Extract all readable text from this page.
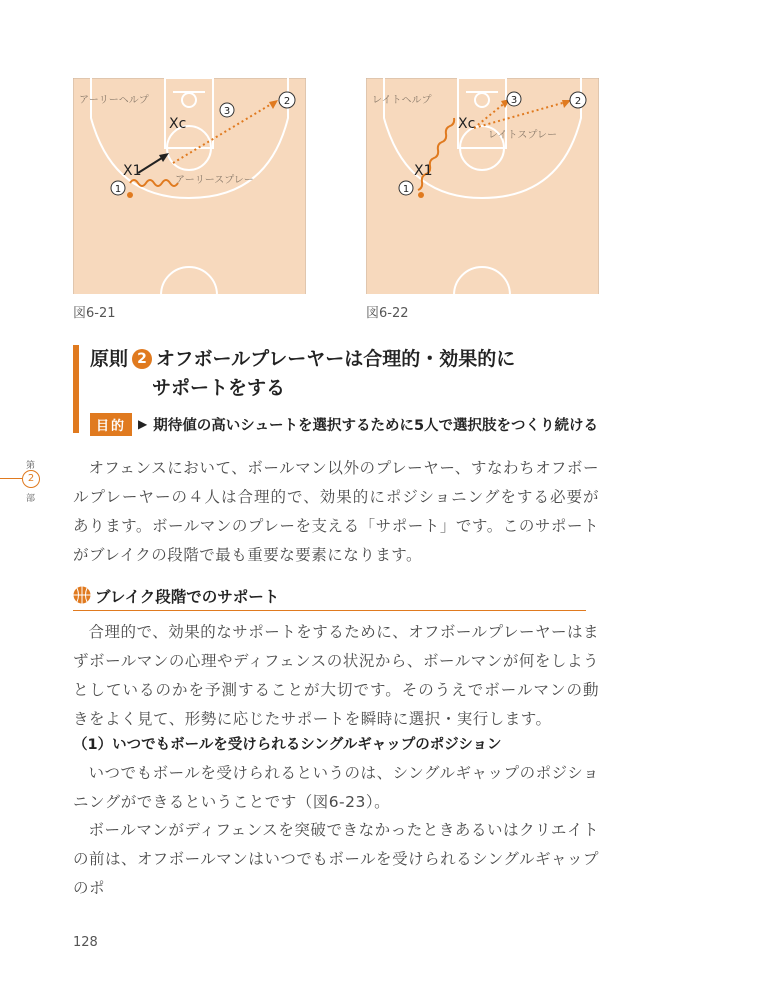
1
2
3
X1
Xc
アーリーヘルプ
アーリースプレー
図6-21
1
2
3
X1
Xc
レイトヘルプ
レイトスプレー
図6-22
原則 2 オフボールプレーヤーは合理的・効果的に
サポートをする
目的	▶ 期待値の高いシュートを選択するために5人で選択肢をつくり続ける
第
2
部
オフェンスにおいて、ボールマン以外のプレーヤー、すなわちオフボールプレーヤーの４人は合理的で、効果的にポジショニングをする必要があります。ボールマンのプレーを支える「サポート」です。このサポートがブレイクの段階で最も重要な要素になります。
ブレイク段階でのサポート
合理的で、効果的なサポートをするために、オフボールプレーヤーはまずボールマンの心理やディフェンスの状況から、ボールマンが何をしようとしているのかを予測することが大切です。そのうえでボールマンの動きをよく見て、形勢に応じたサポートを瞬時に選択・実行します。
（1）いつでもボールを受けられるシングルギャップのポジション
いつでもボールを受けられるというのは、シングルギャップのポジショニングができるということです（図6-23）。
ボールマンがディフェンスを突破できなかったときあるいはクリエイトの前は、オフボールマンはいつでもボールを受けられるシングルギャップのポ
128
